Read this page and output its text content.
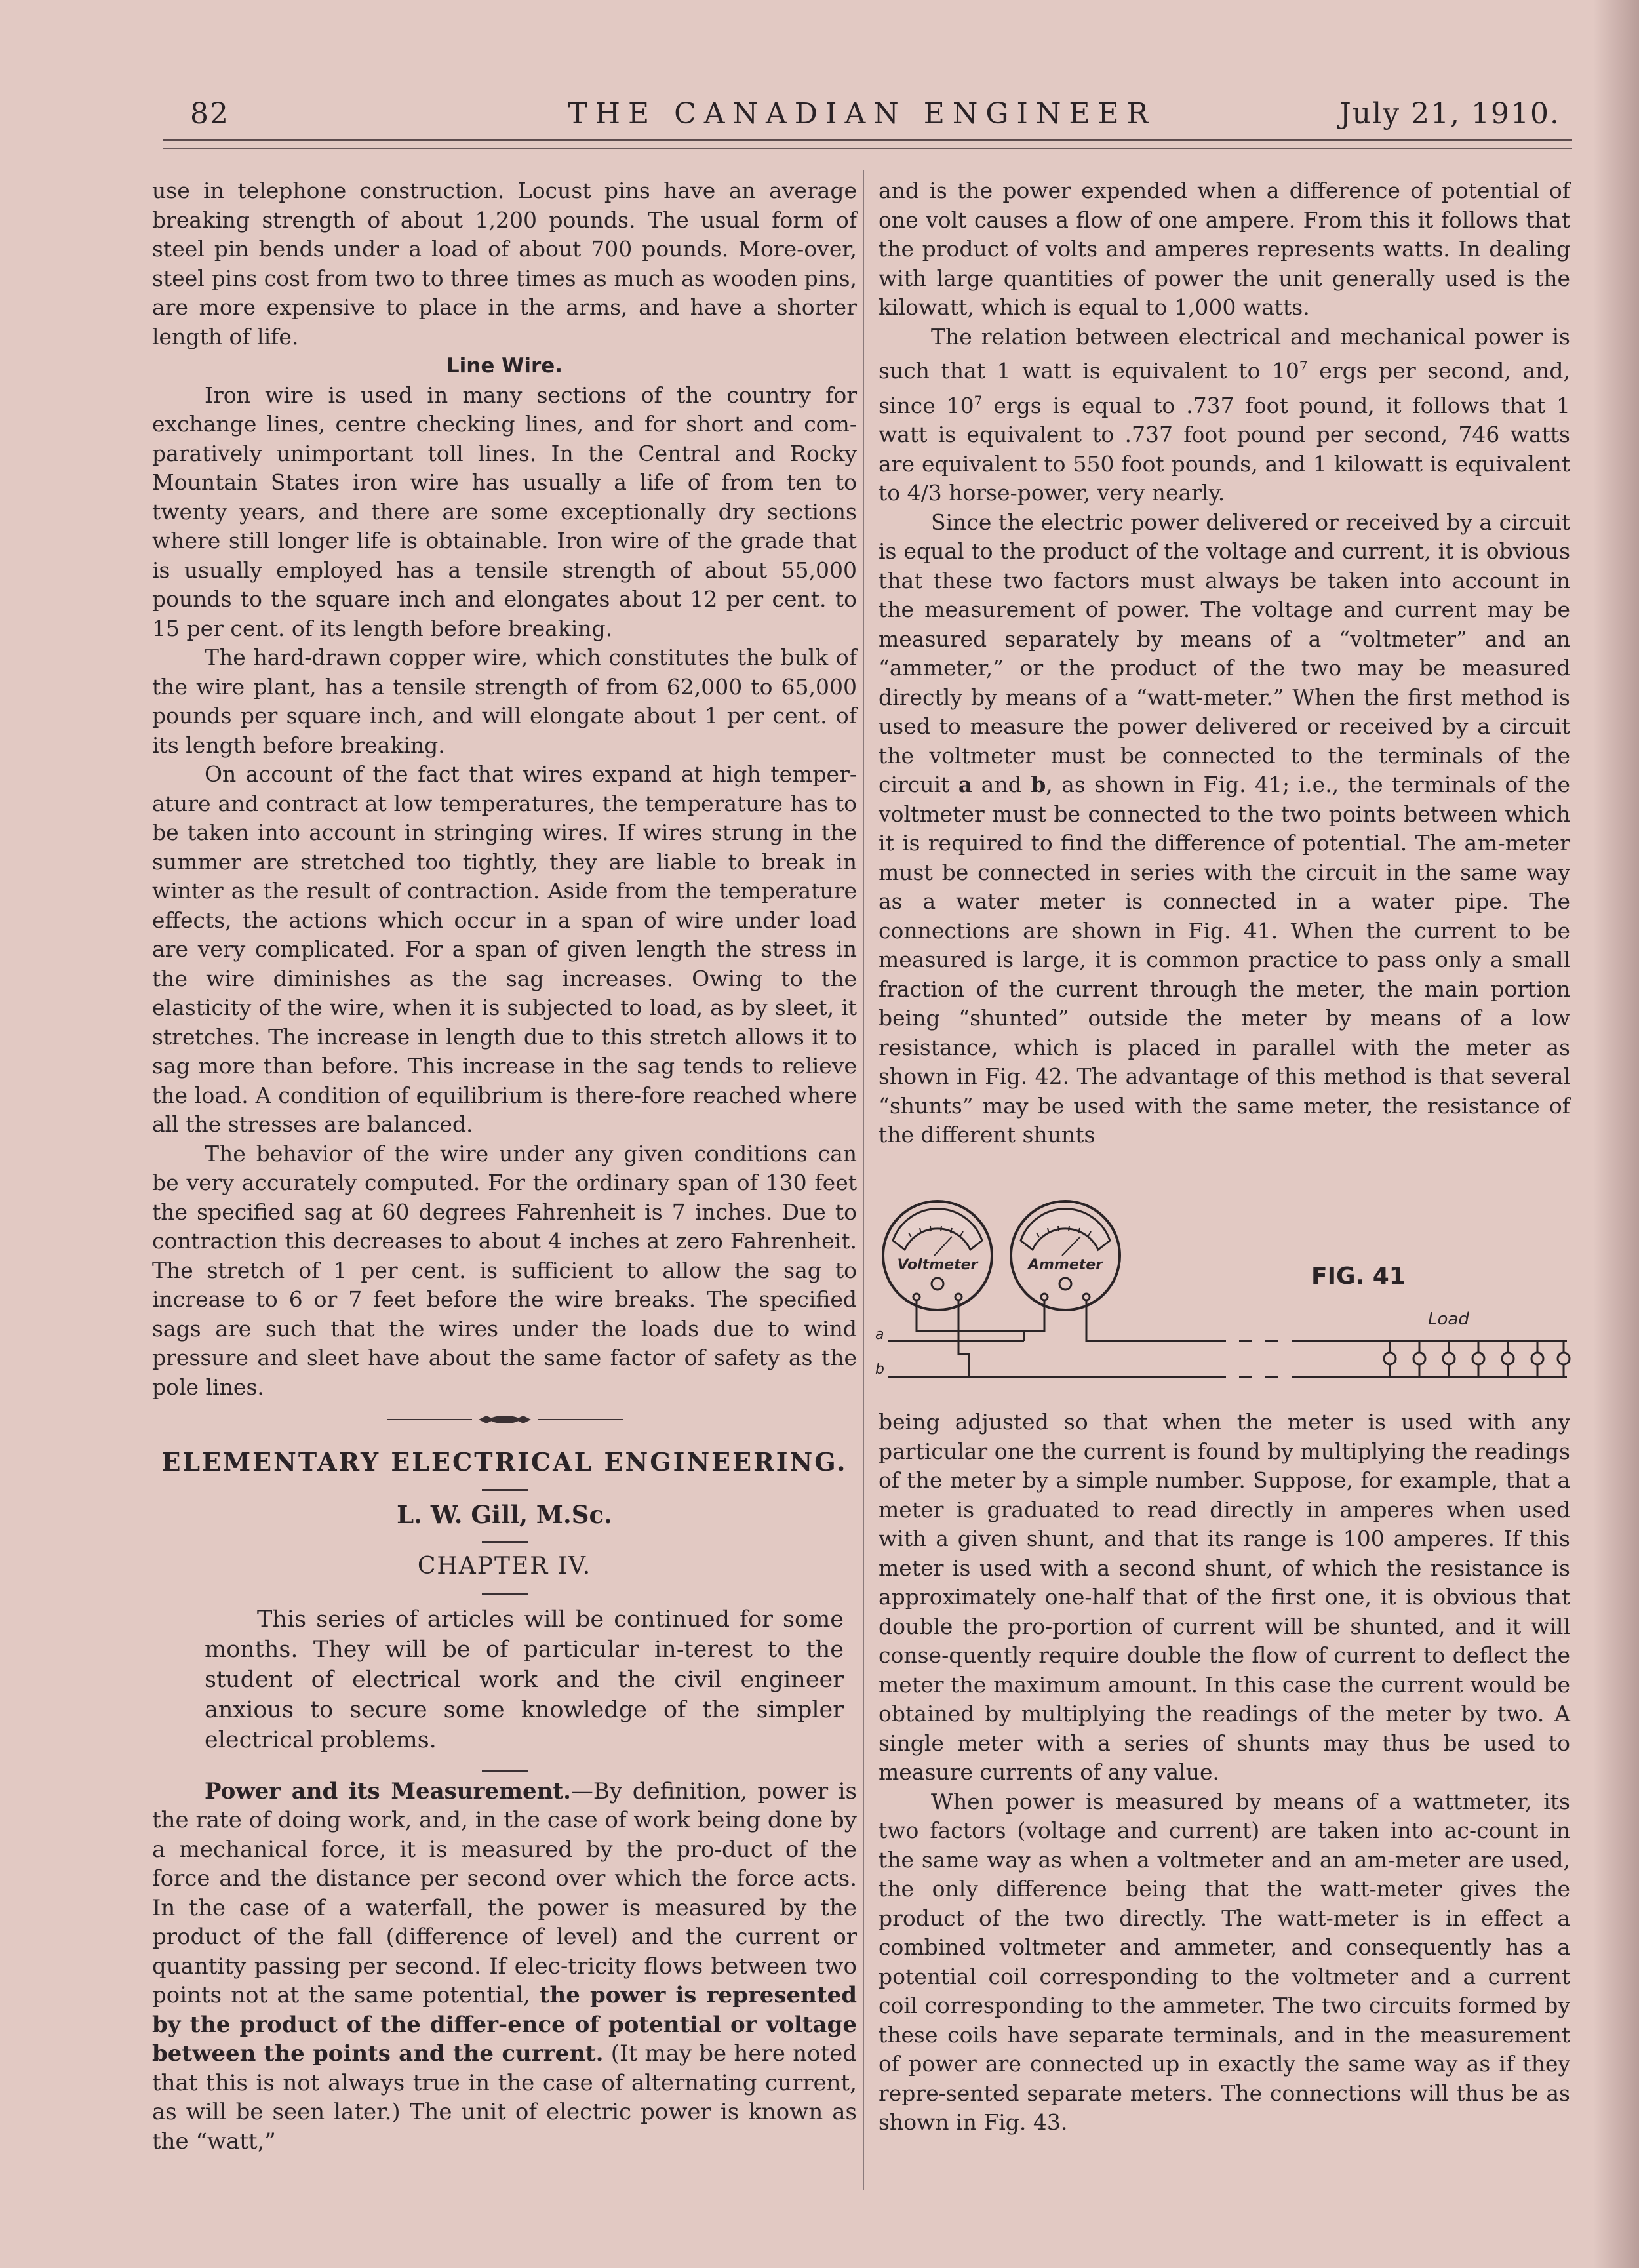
82	THE CANADIAN ENGINEER	July 21, 1910.

use in telephone construction. Locust pins have an average breaking strength of about 1,200 pounds. The usual form of steel pin bends under a load of about 700 pounds. More-over, steel pins cost from two to three times as much as wooden pins, are more expensive to place in the arms, and have a shorter length of life.

Line Wire.

Iron wire is used in many sections of the country for exchange lines, centre checking lines, and for short and com-paratively unimportant toll lines. In the Central and Rocky Mountain States iron wire has usually a life of from ten to twenty years, and there are some exceptionally dry sections where still longer life is obtainable. Iron wire of the grade that is usually employed has a tensile strength of about 55,000 pounds to the square inch and elongates about 12 per cent. to 15 per cent. of its length before breaking.

The hard-drawn copper wire, which constitutes the bulk of the wire plant, has a tensile strength of from 62,000 to 65,000 pounds per square inch, and will elongate about 1 per cent. of its length before breaking.

On account of the fact that wires expand at high temper-ature and contract at low temperatures, the temperature has to be taken into account in stringing wires. If wires strung in the summer are stretched too tightly, they are liable to break in winter as the result of contraction. Aside from the temperature effects, the actions which occur in a span of wire under load are very complicated. For a span of given length the stress in the wire diminishes as the sag increases. Owing to the elasticity of the wire, when it is subjected to load, as by sleet, it stretches. The increase in length due to this stretch allows it to sag more than before. This increase in the sag tends to relieve the load. A condition of equilibrium is there-fore reached where all the stresses are balanced.

The behavior of the wire under any given conditions can be very accurately computed. For the ordinary span of 130 feet the specified sag at 60 degrees Fahrenheit is 7 inches. Due to contraction this decreases to about 4 inches at zero Fahrenheit. The stretch of 1 per cent. is sufficient to allow the sag to increase to 6 or 7 feet before the wire breaks. The specified sags are such that the wires under the loads due to wind pressure and sleet have about the same factor of safety as the pole lines.

ELEMENTARY ELECTRICAL ENGINEERING.
L. W. Gill, M.Sc.
CHAPTER IV.

This series of articles will be continued for some months. They will be of particular in-terest to the student of electrical work and the civil engineer anxious to secure some knowledge of the simpler electrical problems.

Power and its Measurement.—By definition, power is the rate of doing work, and, in the case of work being done by a mechanical force, it is measured by the pro-duct of the force and the distance per second over which the force acts. In the case of a waterfall, the power is measured by the product of the fall (difference of level) and the current or quantity passing per second. If elec-tricity flows between two points not at the same potential, the power is represented by the product of the differ-ence of potential or voltage between the points and the current. (It may be here noted that this is not always true in the case of alternating current, as will be seen later.) The unit of electric power is known as the “watt,”

and is the power expended when a difference of potential of one volt causes a flow of one ampere. From this it follows that the product of volts and amperes represents watts. In dealing with large quantities of power the unit generally used is the kilowatt, which is equal to 1,000 watts.

The relation between electrical and mechanical power is such that 1 watt is equivalent to $10^7$ ergs per second, and, since $10^7$ ergs is equal to .737 foot pound, it follows that 1 watt is equivalent to .737 foot pound per second, 746 watts are equivalent to 550 foot pounds, and 1 kilowatt is equivalent to 4/3 horse-power, very nearly.

Since the electric power delivered or received by a circuit is equal to the product of the voltage and current, it is obvious that these two factors must always be taken into account in the measurement of power. The voltage and current may be measured separately by means of a “voltmeter” and an “ammeter,” or the product of the two may be measured directly by means of a “watt-meter.” When the first method is used to measure the power delivered or received by a circuit the voltmeter must be connected to the terminals of the circuit a and b, as shown in Fig. 41; i.e., the terminals of the voltmeter must be connected to the two points between which it is required to find the difference of potential. The am-meter must be connected in series with the circuit in the same way as a water meter is connected in a water pipe. The connections are shown in Fig. 41. When the current to be measured is large, it is common practice to pass only a small fraction of the current through the meter, the main portion being “shunted” outside the meter by means of a low resistance, which is placed in parallel with the meter as shown in Fig. 42. The advantage of this method is that several “shunts” may be used with the same meter, the resistance of the different shunts

Voltmeter	Ammeter	FIG. 41
Load
a
b

being adjusted so that when the meter is used with any particular one the current is found by multiplying the readings of the meter by a simple number. Suppose, for example, that a meter is graduated to read directly in amperes when used with a given shunt, and that its range is 100 amperes. If this meter is used with a second shunt, of which the resistance is approximately one-half that of the first one, it is obvious that double the pro-portion of current will be shunted, and it will conse-quently require double the flow of current to deflect the meter the maximum amount. In this case the current would be obtained by multiplying the readings of the meter by two. A single meter with a series of shunts may thus be used to measure currents of any value.

When power is measured by means of a wattmeter, its two factors (voltage and current) are taken into ac-count in the same way as when a voltmeter and an am-meter are used, the only difference being that the watt-meter gives the product of the two directly. The watt-meter is in effect a combined voltmeter and ammeter, and consequently has a potential coil corresponding to the voltmeter and a current coil corresponding to the ammeter. The two circuits formed by these coils have separate terminals, and in the measurement of power are connected up in exactly the same way as if they repre-sented separate meters. The connections will thus be as shown in Fig. 43.
